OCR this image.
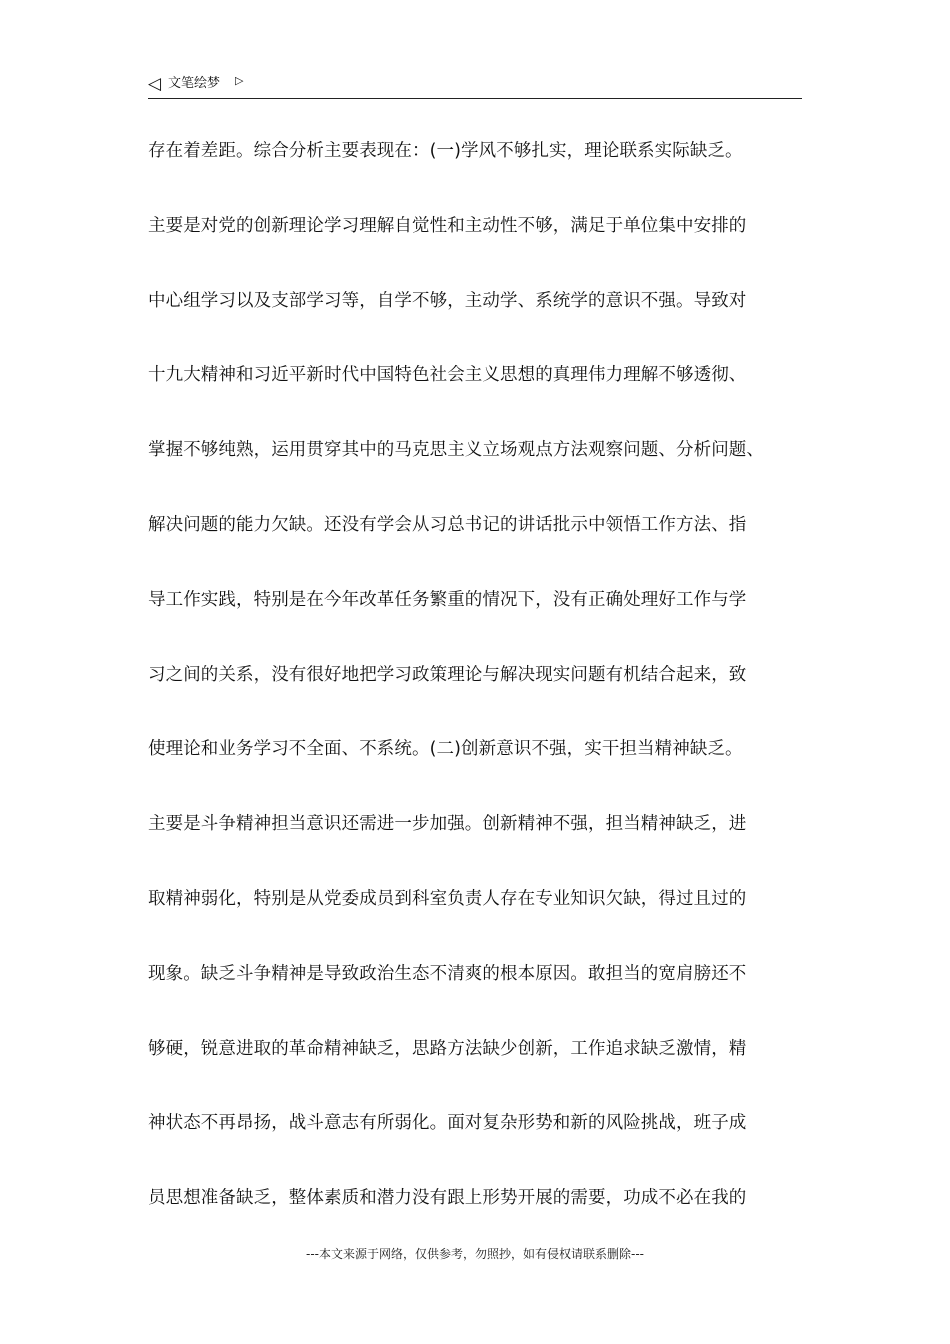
◁ 文笔绘梦 ▷
存在着差距。综合分析主要表现在：(一)学风不够扎实，理论联系实际缺乏。
主要是对党的创新理论学习理解自觉性和主动性不够，满足于单位集中安排的
中心组学习以及支部学习等，自学不够，主动学、系统学的意识不强。导致对
十九大精神和习近平新时代中国特色社会主义思想的真理伟力理解不够透彻、
掌握不够纯熟，运用贯穿其中的马克思主义立场观点方法观察问题、分析问题、
解决问题的能力欠缺。还没有学会从习总书记的讲话批示中领悟工作方法、指
导工作实践，特别是在今年改革任务繁重的情况下，没有正确处理好工作与学
习之间的关系，没有很好地把学习政策理论与解决现实问题有机结合起来，致
使理论和业务学习不全面、不系统。(二)创新意识不强，实干担当精神缺乏。
主要是斗争精神担当意识还需进一步加强。创新精神不强，担当精神缺乏，进
取精神弱化，特别是从党委成员到科室负责人存在专业知识欠缺，得过且过的
现象。缺乏斗争精神是导致政治生态不清爽的根本原因。敢担当的宽肩膀还不
够硬，锐意进取的革命精神缺乏，思路方法缺少创新，工作追求缺乏激情，精
神状态不再昂扬，战斗意志有所弱化。面对复杂形势和新的风险挑战，班子成
员思想准备缺乏，整体素质和潜力没有跟上形势开展的需要，功成不必在我的
---本文来源于网络，仅供参考，勿照抄，如有侵权请联系删除---
